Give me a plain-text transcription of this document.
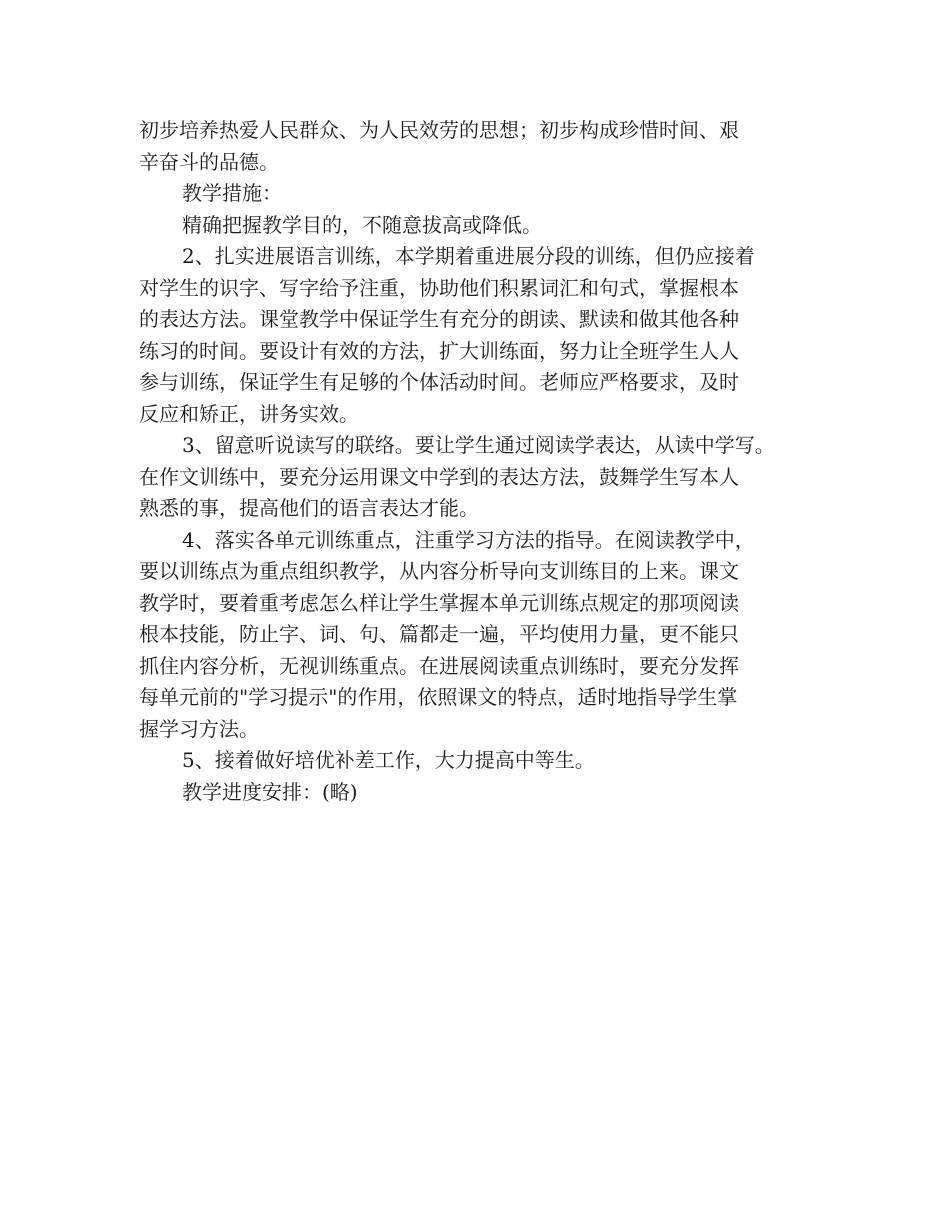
初步培养热爱人民群众、为人民效劳的思想；初步构成珍惜时间、艰
辛奋斗的品德。
教学措施：
精确把握教学目的，不随意拔高或降低。
2、扎实进展语言训练，本学期着重进展分段的训练，但仍应接着
对学生的识字、写字给予注重，协助他们积累词汇和句式，掌握根本
的表达方法。课堂教学中保证学生有充分的朗读、默读和做其他各种
练习的时间。要设计有效的方法，扩大训练面，努力让全班学生人人
参与训练，保证学生有足够的个体活动时间。老师应严格要求，及时
反应和矫正，讲务实效。
3、留意听说读写的联络。要让学生通过阅读学表达，从读中学写。
在作文训练中，要充分运用课文中学到的表达方法，鼓舞学生写本人
熟悉的事，提高他们的语言表达才能。
4、落实各单元训练重点，注重学习方法的指导。在阅读教学中，
要以训练点为重点组织教学，从内容分析导向支训练目的上来。课文
教学时，要着重考虑怎么样让学生掌握本单元训练点规定的那项阅读
根本技能，防止字、词、句、篇都走一遍，平均使用力量，更不能只
抓住内容分析，无视训练重点。在进展阅读重点训练时，要充分发挥
每单元前的"学习提示"的作用，依照课文的特点，适时地指导学生掌
握学习方法。
5、接着做好培优补差工作，大力提高中等生。
教学进度安排：(略)
